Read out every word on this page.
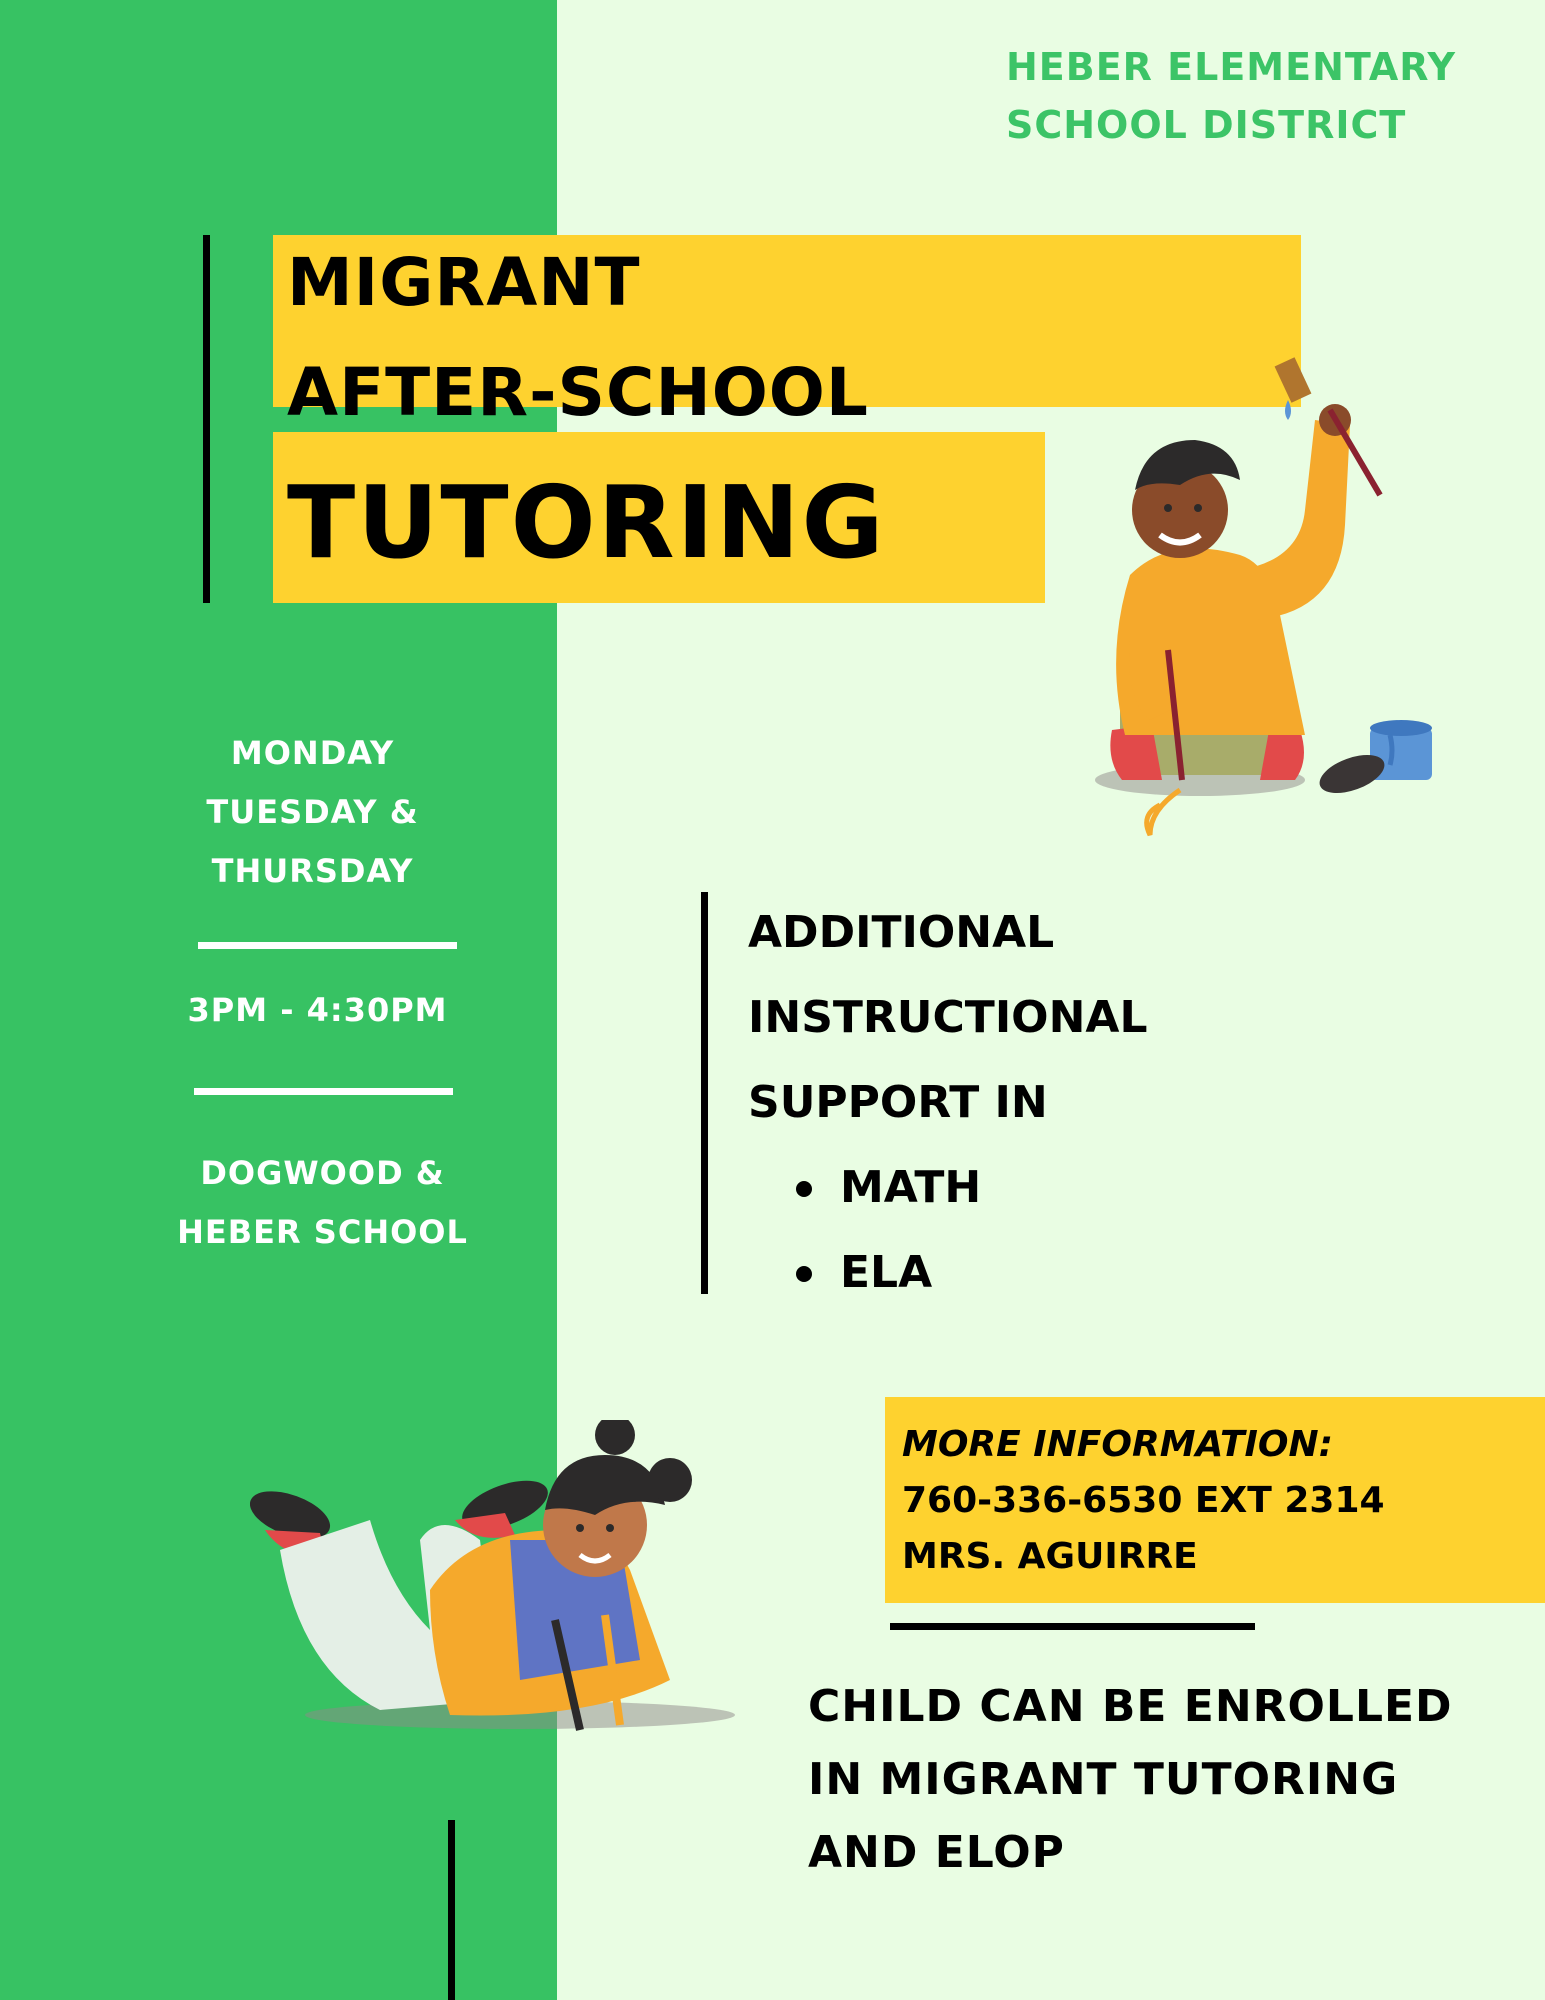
HEBER ELEMENTARY
SCHOOL DISTRICT
MIGRANT
AFTER-SCHOOL
TUTORING
MONDAY
TUESDAY &
THURSDAY
3PM - 4:30PM
DOGWOOD &
HEBER SCHOOL
ADDITIONAL
INSTRUCTIONAL
SUPPORT IN
MATH
ELA
MORE INFORMATION:
760-336-6530 EXT 2314
MRS. AGUIRRE
CHILD CAN BE ENROLLED
IN MIGRANT TUTORING
AND ELOP
